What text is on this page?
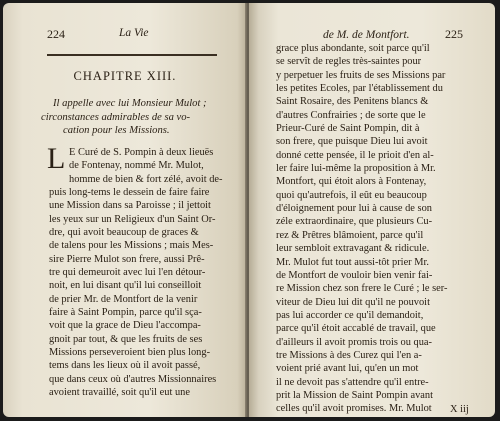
224	La Vie
CHAPITRE XIII.
Il appelle avec lui Monsieur Mulot ;
circonstances admirables de sa vo-
cation pour les Missions.
L E Curé de S. Pompin à deux lieuës
de Fontenay, nommé Mr. Mulot,
homme de bien & fort zélé, avoit de-
puis long-tems le dessein de faire faire
une Mission dans sa Paroisse ; il jettoit
les yeux sur un Religieux d'un Saint Or-
dre, qui avoit beaucoup de graces &
de talens pour les Missions ; mais Mes-
sire Pierre Mulot son frere, aussi Prê-
tre qui demeuroit avec lui l'en détour-
noit, en lui disant qu'il lui conseilloit
de prier Mr. de Montfort de la venir
faire à Saint Pompin, parce qu'il sça-
voit que la grace de Dieu l'accompa-
gnoit par tout, & que les fruits de ses
Missions perseveroient bien plus long-
tems dans les lieux où il avoit passé,
que dans ceux où d'autres Missionnaires
avoient travaillé, soit qu'il eut une
de M. de Montfort.	225
grace plus abondante, soit parce qu'il
se servît de regles très-saintes pour
y perpetuer les fruits de ses Missions par
les petites Ecoles, par l'établissement du
Saint Rosaire, des Penitens blancs &
d'autres Confrairies ; de sorte que le
Prieur-Curé de Saint Pompin, dit à
son frere, que puisque Dieu lui avoit
donné cette pensée, il le prioit d'en al-
ler faire lui-même la proposition à Mr.
Montfort, qui étoit alors à Fontenay,
quoi qu'autrefois, il eût eu beaucoup
d'éloignement pour lui à cause de son
zéle extraordinaire, que plusieurs Cu-
rez & Prêtres blâmoient, parce qu'il
leur sembloit extravagant & ridicule.
Mr. Mulot fut tout aussi-tôt prier Mr.
de Montfort de vouloir bien venir fai-
re Mission chez son frere le Curé ; le ser-
viteur de Dieu lui dit qu'il ne pouvoit
pas lui accorder ce qu'il demandoit,
parce qu'il étoit accablé de travail, que
d'ailleurs il avoit promis trois ou qua-
tre Missions à des Curez qui l'en a-
voient prié avant lui, qu'en un mot
il ne devoit pas s'attendre qu'il entre-
prit la Mission de Saint Pompin avant
celles qu'il avoit promises. Mr. Mulot	X iij
